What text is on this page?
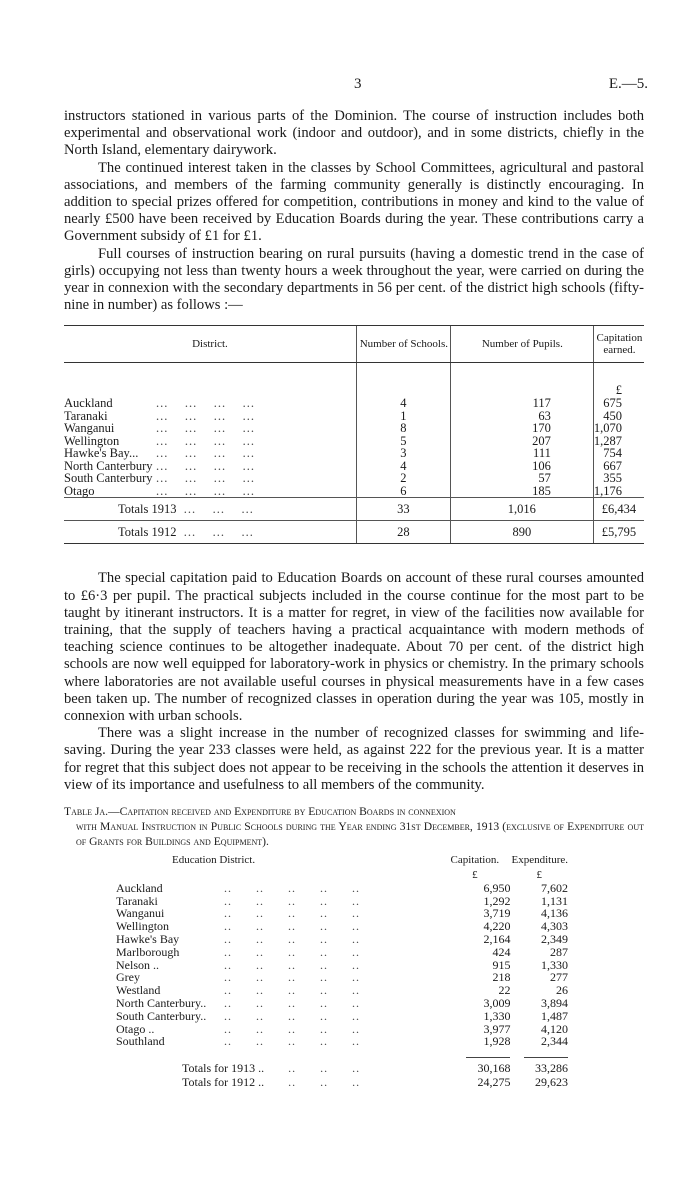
3	E.—5.

instructors stationed in various parts of the Dominion. The course of instruction includes both experimental and observational work (indoor and outdoor), and in some districts, chiefly in the North Island, elementary dairywork.

The continued interest taken in the classes by School Committees, agricultural and pastoral associations, and members of the farming community generally is distinctly encouraging. In addition to special prizes offered for competition, contributions in money and kind to the value of nearly £500 have been received by Education Boards during the year. These contributions carry a Government subsidy of £1 for £1.

Full courses of instruction bearing on rural pursuits (having a domestic trend in the case of girls) occupying not less than twenty hours a week throughout the year, were carried on during the year in connexion with the secondary departments in 56 per cent. of the district high schools (fifty-nine in number) as follows :—

District.	Number of Schools.	Number of Pupils.	Capitation earned.

			£
Auckland ...    ...    ...    ...	4	117	675
Taranaki ...    ...    ...    ...	1	63	450
Wanganui ...    ...    ...    ...	8	170	1,070
Wellington ...    ...    ...    ...	5	207	1,287
Hawke's Bay... ...    ...    ...    ...	3	111	754
North Canterbury ...    ...    ...    ...	4	106	667
South Canterbury ...    ...    ...    ...	2	57	355
Otago ...    ...    ...    ...	6	185	1,176
Totals 1913  ...    ...    ...	33	1,016	£6,434
Totals 1912  ...    ...    ...	28	890	£5,795

The special capitation paid to Education Boards on account of these rural courses amounted to £6·3 per pupil. The practical subjects included in the course continue for the most part to be taught by itinerant instructors. It is a matter for regret, in view of the facilities now available for training, that the supply of teachers having a practical acquaintance with modern methods of teaching science continues to be altogether inadequate. About 70 per cent. of the district high schools are now well equipped for laboratory-work in physics or chemistry. In the primary schools where laboratories are not available useful courses in physical measurements have in a few cases been taken up. The number of recognized classes in operation during the year was 105, mostly in connexion with urban schools.

There was a slight increase in the number of recognized classes for swimming and life-saving. During the year 233 classes were held, as against 222 for the previous year. It is a matter for regret that this subject does not appear to be receiving in the schools the attention it deserves in view of its importance and usefulness to all members of the community.

Table Ja.—Capitation received and Expenditure by Education Boards in connexion
with Manual Instruction in Public Schools during the Year ending 31st December, 1913 (exclusive of Expenditure out of Grants for Buildings and Equipment).
Education District.	Capitation.	Expenditure.
	£	£
Auckland ..      ..      ..      ..      ..	6,950	7,602
Taranaki ..      ..      ..      ..      ..	1,292	1,131
Wanganui ..      ..      ..      ..      ..	3,719	4,136
Wellington ..      ..      ..      ..      ..	4,220	4,303
Hawke's Bay ..      ..      ..      ..      ..	2,164	2,349
Marlborough ..      ..      ..      ..      ..	424	287
Nelson .. ..      ..      ..      ..      ..	915	1,330
Grey ..      ..      ..      ..      ..	218	277
Westland ..      ..      ..      ..      ..	22	26
North Canterbury.. ..      ..      ..      ..      ..	3,009	3,894
South Canterbury.. ..      ..      ..      ..      ..	1,330	1,487
Otago .. ..      ..      ..      ..      ..	3,977	4,120
Southland ..      ..      ..      ..      ..	1,928	2,344

Totals for 1913 ..      ..      ..      ..	30,168	33,286
Totals for 1912 ..      ..      ..      ..	24,275	29,623
